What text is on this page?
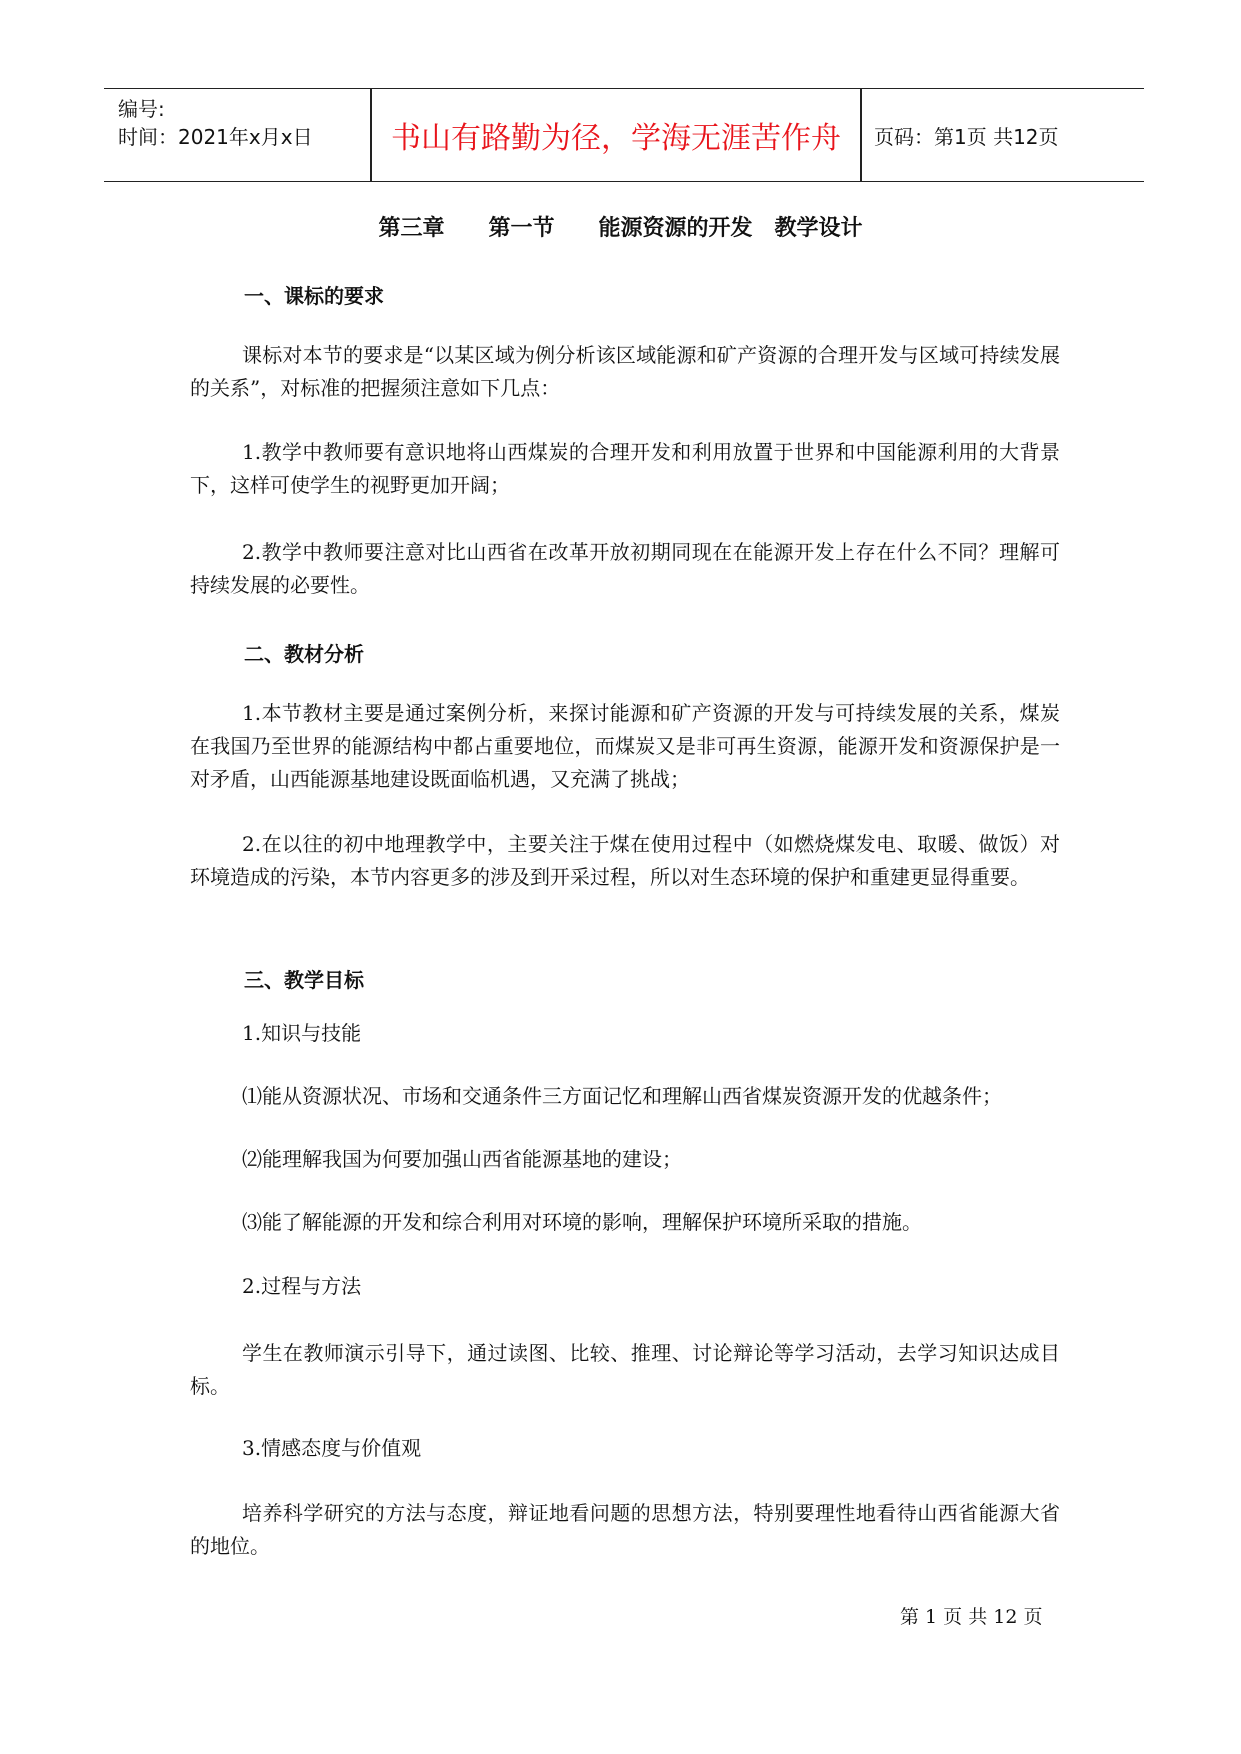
编号:
时间：2021年x月x日	书山有路勤为径，学海无涯苦作舟	页码：第1页 共12页
第三章　　第一节　　能源资源的开发　教学设计
一、课标的要求

课标对本节的要求是“以某区域为例分析该区域能源和矿产资源的合理开发与区域可持续发展的关系”，对标准的把握须注意如下几点：

1.教学中教师要有意识地将山西煤炭的合理开发和利用放置于世界和中国能源利用的大背景下，这样可使学生的视野更加开阔；

2.教学中教师要注意对比山西省在改革开放初期同现在在能源开发上存在什么不同？理解可持续发展的必要性。

二、教材分析

1.本节教材主要是通过案例分析，来探讨能源和矿产资源的开发与可持续发展的关系，煤炭在我国乃至世界的能源结构中都占重要地位，而煤炭又是非可再生资源，能源开发和资源保护是一对矛盾，山西能源基地建设既面临机遇，又充满了挑战；

2.在以往的初中地理教学中，主要关注于煤在使用过程中（如燃烧煤发电、取暖、做饭）对环境造成的污染，本节内容更多的涉及到开采过程，所以对生态环境的保护和重建更显得重要。

三、教学目标
1.知识与技能
⑴能从资源状况、市场和交通条件三方面记忆和理解山西省煤炭资源开发的优越条件；
⑵能理解我国为何要加强山西省能源基地的建设；
⑶能了解能源的开发和综合利用对环境的影响，理解保护环境所采取的措施。
2.过程与方法

学生在教师演示引导下，通过读图、比较、推理、讨论辩论等学习活动，去学习知识达成目标。

3.情感态度与价值观

培养科学研究的方法与态度，辩证地看问题的思想方法，特别要理性地看待山西省能源大省的地位。

第 1 页 共 12 页
